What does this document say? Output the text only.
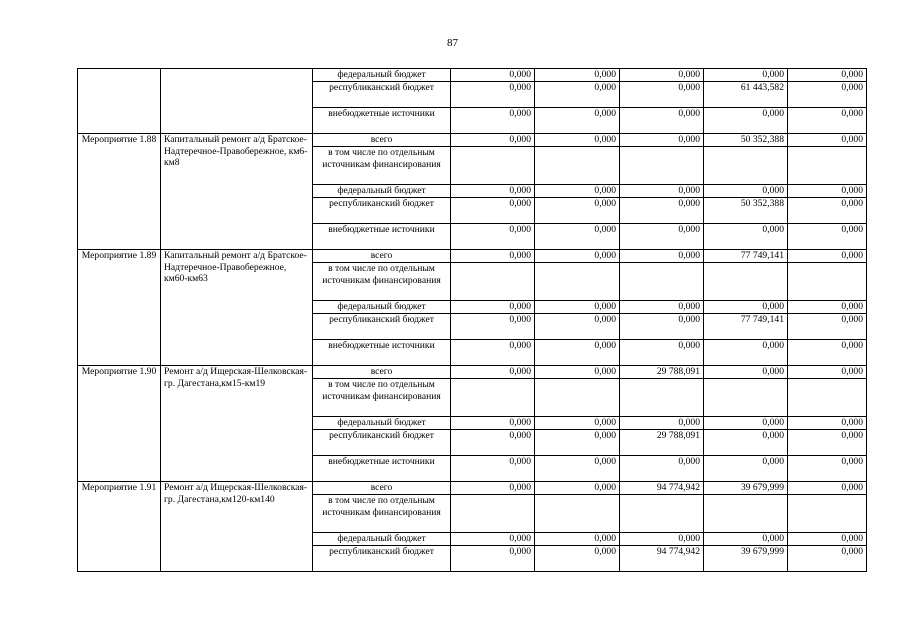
87
		федеральный бюджет	0,000	0,000	0,000	0,000	0,000
		республиканский бюджет	0,000	0,000	0,000	61 443,582	0,000
		внебюджетные источники	0,000	0,000	0,000	0,000	0,000
Мероприятие 1.88	Капитальный ремонт а/д Братское-Надтеречное-Правобережное, км6-км8	всего	0,000	0,000	0,000	50 352,388	0,000
		в том числе по отдельным источникам финансирования					
		федеральный бюджет	0,000	0,000	0,000	0,000	0,000
		республиканский бюджет	0,000	0,000	0,000	50 352,388	0,000
		внебюджетные источники	0,000	0,000	0,000	0,000	0,000
Мероприятие 1.89	Капитальный ремонт а/д Братское-Надтеречное-Правобережное, км60-км63	всего	0,000	0,000	0,000	77 749,141	0,000
		в том числе по отдельным источникам финансирования					
		федеральный бюджет	0,000	0,000	0,000	0,000	0,000
		республиканский бюджет	0,000	0,000	0,000	77 749,141	0,000
		внебюджетные источники	0,000	0,000	0,000	0,000	0,000
Мероприятие 1.90	Ремонт а/д Ищерская-Шелковская-гр. Дагестана,км15-км19	всего	0,000	0,000	29 788,091	0,000	0,000
		в том числе по отдельным источникам финансирования					
		федеральный бюджет	0,000	0,000	0,000	0,000	0,000
		республиканский бюджет	0,000	0,000	29 788,091	0,000	0,000
		внебюджетные источники	0,000	0,000	0,000	0,000	0,000
Мероприятие 1.91	Ремонт а/д Ищерская-Шелковская-гр. Дагестана,км120-км140	всего	0,000	0,000	94 774,942	39 679,999	0,000
		в том числе по отдельным источникам финансирования					
		федеральный бюджет	0,000	0,000	0,000	0,000	0,000
		республиканский бюджет	0,000	0,000	94 774,942	39 679,999	0,000
